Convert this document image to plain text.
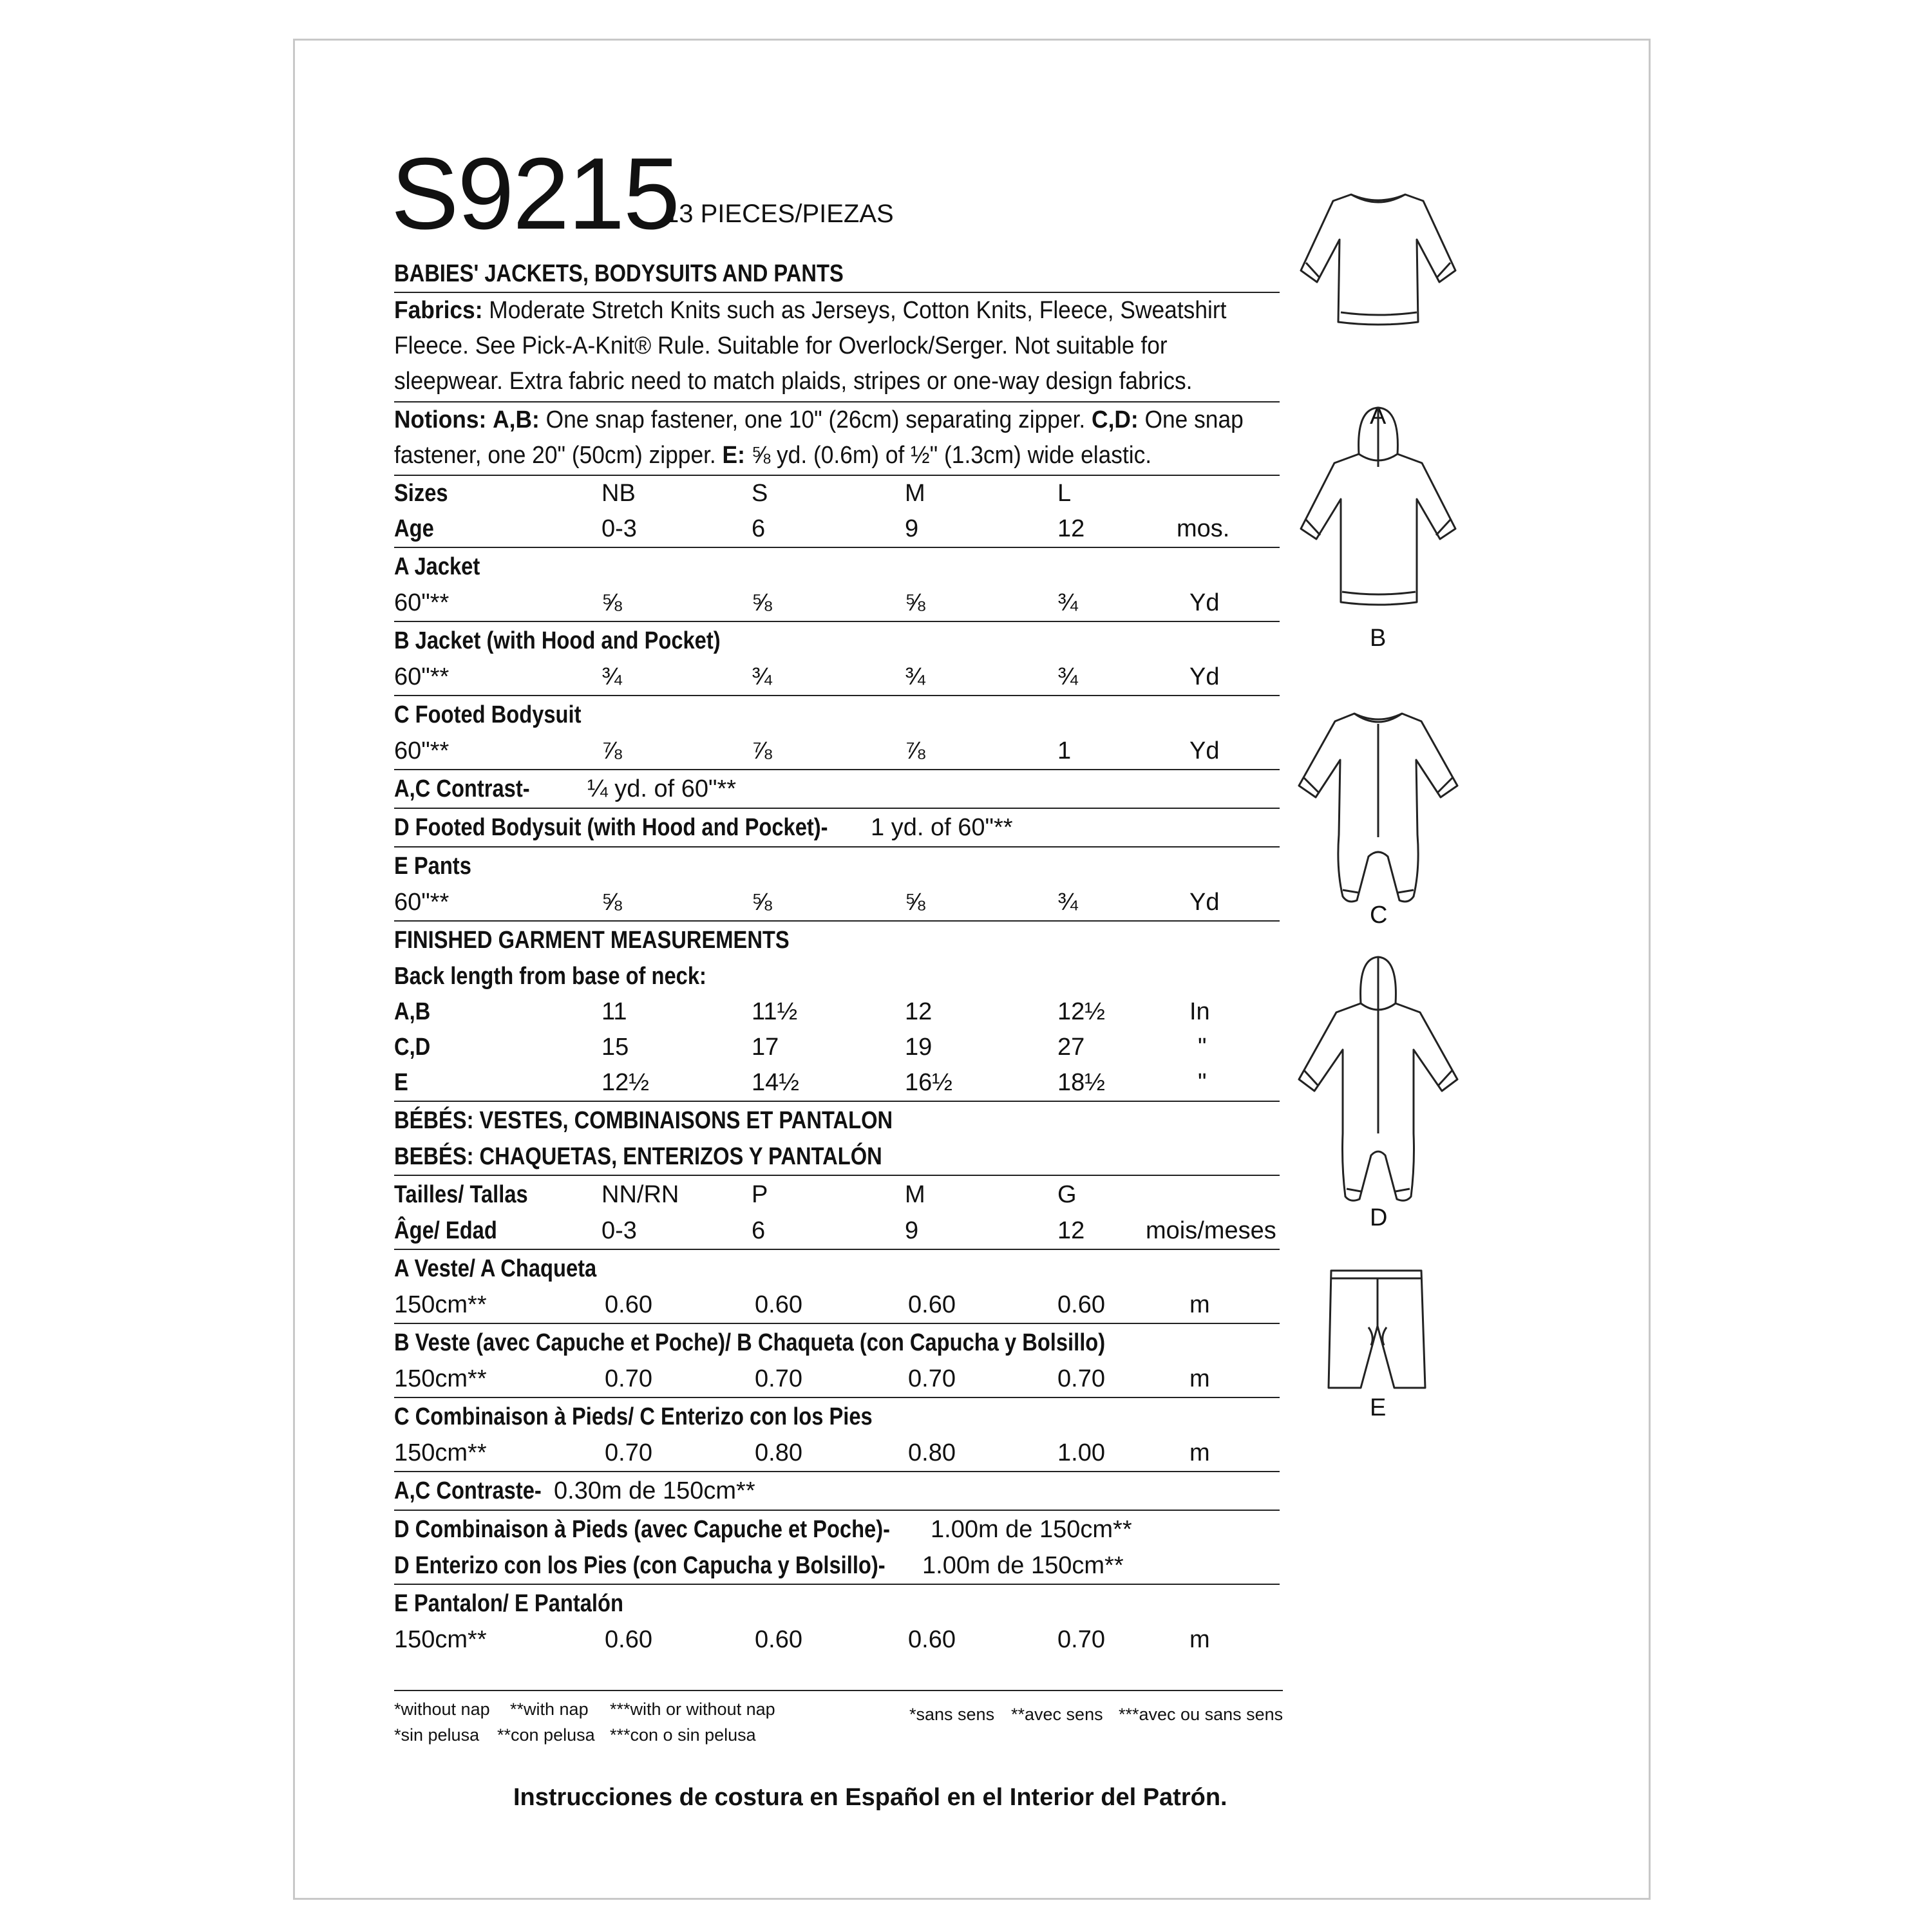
S9215
13 PIECES/PIEZAS
BABIES' JACKETS, BODYSUITS AND PANTS
Fabrics: Moderate Stretch Knits such as Jerseys, Cotton Knits, Fleece, Sweatshirt Fleece. See Pick-A-Knit® Rule. Suitable for Overlock/Serger. Not suitable for sleepwear. Extra fabric need to match plaids, stripes or one-way design fabrics.
Notions: A,B: One snap fastener, one 10" (26cm) separating zipper. C,D: One snap fastener, one 20" (50cm) zipper. E: ⅝ yd. (0.6m) of ½" (1.3cm) wide elastic.
Sizes	NB	S	M	L
Age	0-3	6	9	12	mos.
A Jacket
60"**	⅝	⅝	⅝	¾	Yd
B Jacket (with Hood and Pocket)
60"**	¾	¾	¾	¾	Yd
C Footed Bodysuit
60"**	⅞	⅞	⅞	1	Yd
A,C Contrast- ¼ yd. of 60"**
D Footed Bodysuit (with Hood and Pocket)- 1 yd. of 60"**
E Pants
60"**	⅝	⅝	⅝	¾	Yd
FINISHED GARMENT MEASUREMENTS
Back length from base of neck:
A,B	11	11½	12	12½	In
C,D	15	17	19	27	"
E	12½	14½	16½	18½	"
BÉBÉS: VESTES, COMBINAISONS ET PANTALON
BEBÉS: CHAQUETAS, ENTERIZOS Y PANTALÓN
Tailles/ Tallas	NN/RN	P	M	G
Âge/ Edad	0-3	6	9	12 mois/meses
A Veste/ A Chaqueta
150cm**	0.60	0.60	0.60	0.60	m
B Veste (avec Capuche et Poche)/ B Chaqueta (con Capucha y Bolsillo)
150cm**	0.70	0.70	0.70	0.70	m
C Combinaison à Pieds/ C Enterizo con los Pies
150cm**	0.70	0.80	0.80	1.00	m
A,C Contraste- 0.30m de 150cm**
D Combinaison à Pieds (avec Capuche et Poche)- 1.00m de 150cm**
D Enterizo con los Pies (con Capucha y Bolsillo)- 1.00m de 150cm**
E Pantalon/ E Pantalón
150cm**	0.60	0.60	0.60	0.70	m
*without nap **with nap ***with or without nap	*sans sens **avec sens ***avec ou sans sens
*sin pelusa **con pelusa ***con o sin pelusa
Instrucciones de costura en Español en el Interior del Patrón.
A
B
C
D
E
